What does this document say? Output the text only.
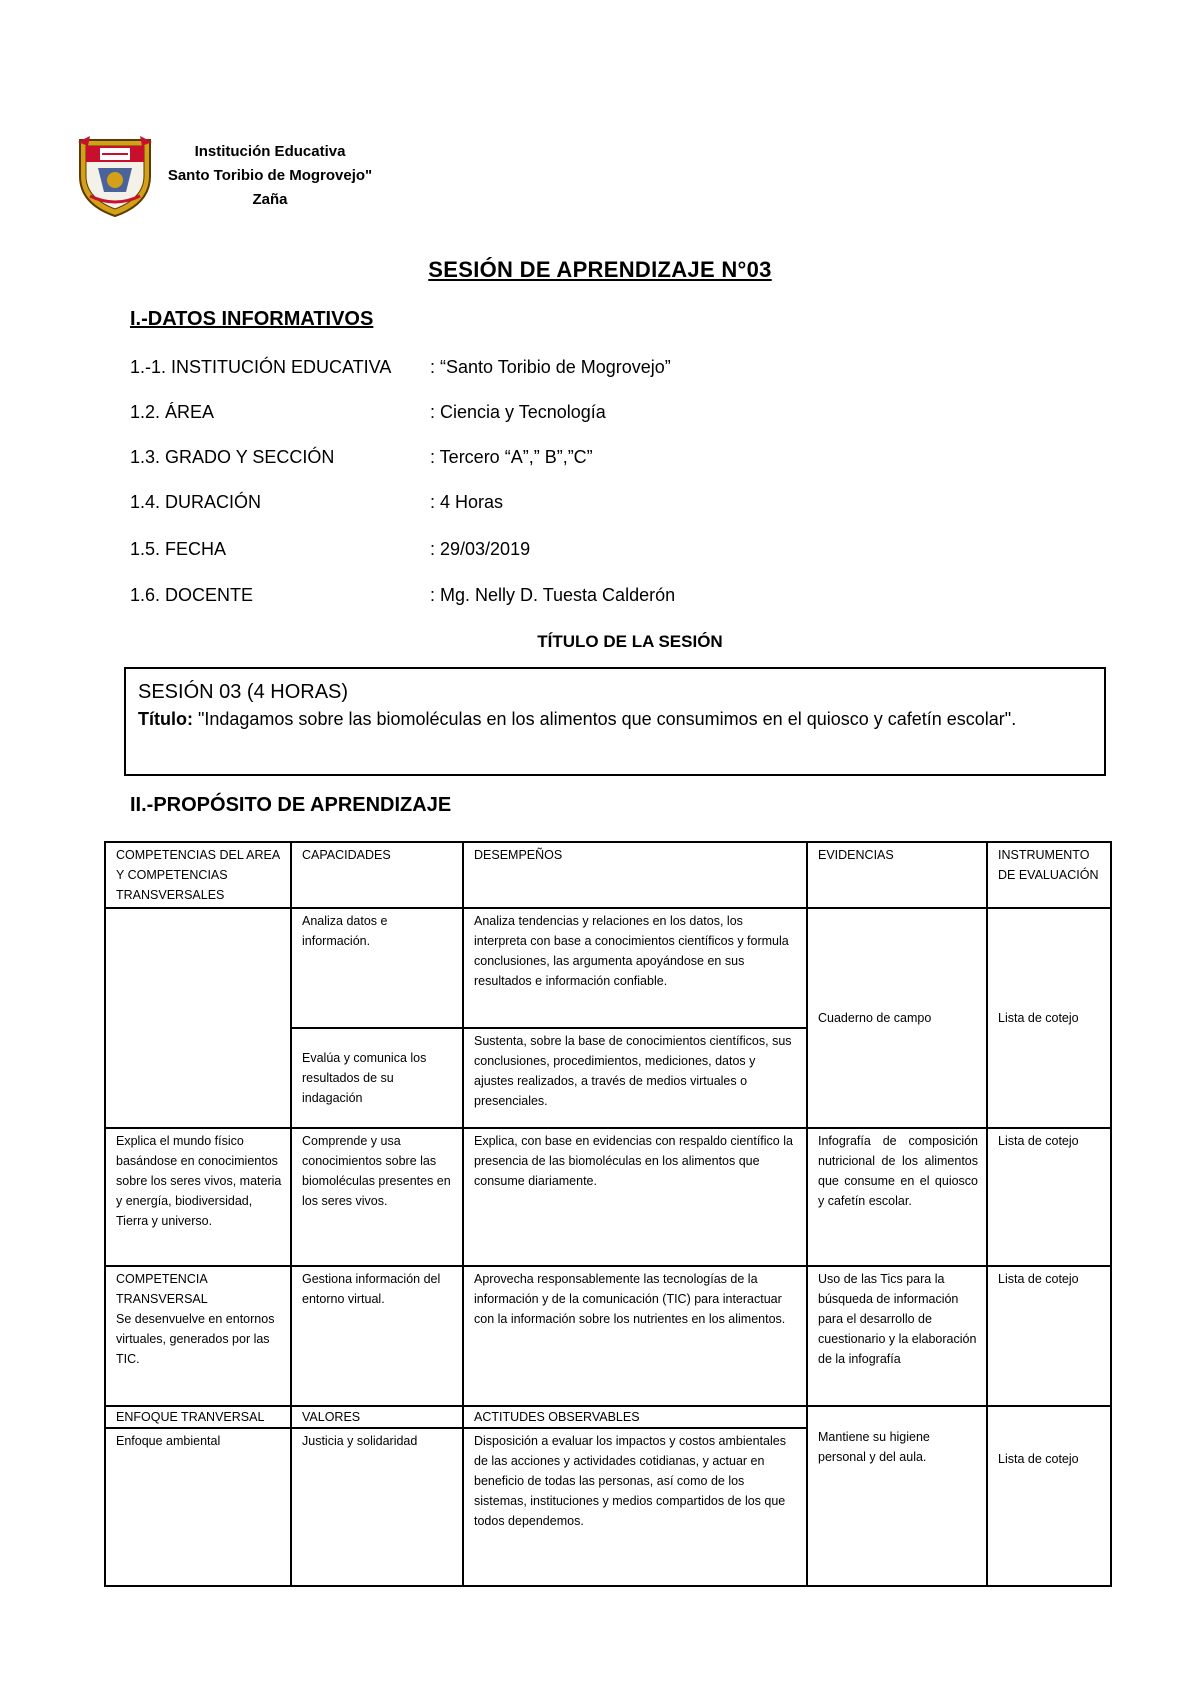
Institución Educativa
Santo Toribio de Mogrovejo"
Zaña
SESIÓN DE APRENDIZAJE N°03
I.-DATOS INFORMATIVOS
1.-1. INSTITUCIÓN EDUCATIVA : “Santo Toribio de Mogrovejo”
1.2. ÁREA	: Ciencia y Tecnología
1.3. GRADO Y SECCIÓN	: Tercero “A”,” B”,”C”
1.4. DURACIÓN	: 4 Horas
1.5. FECHA	: 29/03/2019
1.6. DOCENTE	: Mg. Nelly D. Tuesta Calderón
TÍTULO DE LA SESIÓN
SESIÓN 03 (4 HORAS)
Título: "Indagamos sobre las biomoléculas en los alimentos que consumimos en el quiosco y cafetín escolar".
II.-PROPÓSITO DE APRENDIZAJE
COMPETENCIAS DEL AREA Y COMPETENCIAS TRANSVERSALES	CAPACIDADES	DESEMPEÑOS	EVIDENCIAS	INSTRUMENTO DE EVALUACIÓN
	Analiza datos e información.	Analiza tendencias y relaciones en los datos, los interpreta con base a conocimientos científicos y formula conclusiones, las argumenta apoyándose en sus resultados e información confiable.	Cuaderno de campo	Lista de cotejo
	Evalúa y comunica los resultados de su indagación	Sustenta, sobre la base de conocimientos científicos, sus conclusiones, procedimientos, mediciones, datos y ajustes realizados, a través de medios virtuales o presenciales.		
Explica el mundo físico basándose en conocimientos sobre los seres vivos, materia y energía, biodiversidad, Tierra y universo.	Comprende y usa conocimientos sobre las biomoléculas presentes en los seres vivos.	Explica, con base en evidencias con respaldo científico la presencia de las biomoléculas en los alimentos que consume diariamente.	Infografía de composición nutricional de los alimentos que consume en el quiosco y cafetín escolar.	Lista de cotejo

COMPETENCIA TRANSVERSAL
Se desenvuelve en entornos virtuales, generados por las TIC.	Gestiona información del entorno virtual.	Aprovecha responsablemente las tecnologías de la información y de la comunicación (TIC) para interactuar con la información sobre los nutrientes en los alimentos.	Uso de las Tics para la búsqueda de información para el desarrollo de cuestionario y la elaboración de la infografía	Lista de cotejo
ENFOQUE TRANVERSAL	VALORES	ACTITUDES OBSERVABLES	Mantiene su higiene personal y del aula.	Lista de cotejo
Enfoque ambiental	Justicia y solidaridad	Disposición a evaluar los impactos y costos ambientales de las acciones y actividades cotidianas, y actuar en beneficio de todas las personas, así como de los sistemas, instituciones y medios compartidos de los que todos dependemos.		
